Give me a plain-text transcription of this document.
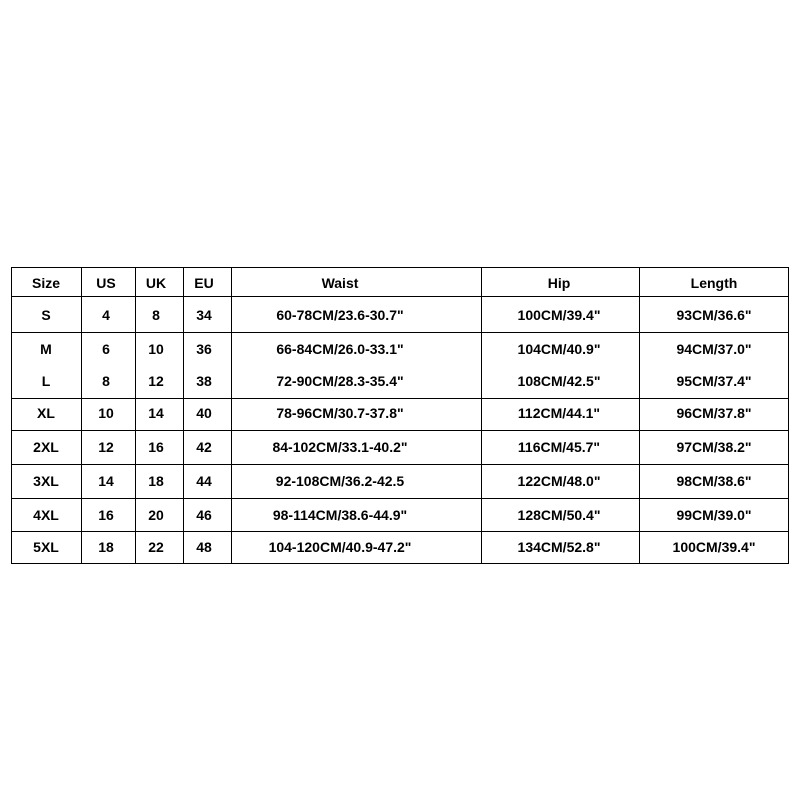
Size	US	UK	EU	Waist	Hip	Length
S	4	8	34	60-78CM/23.6-30.7"	100CM/39.4"	93CM/36.6"
M	6	10	36	66-84CM/26.0-33.1"	104CM/40.9"	94CM/37.0"
L	8	12	38	72-90CM/28.3-35.4"	108CM/42.5"	95CM/37.4"
XL	10	14	40	78-96CM/30.7-37.8"	112CM/44.1"	96CM/37.8"
2XL	12	16	42	84-102CM/33.1-40.2"	116CM/45.7"	97CM/38.2"
3XL	14	18	44	92-108CM/36.2-42.5	122CM/48.0"	98CM/38.6"
4XL	16	20	46	98-114CM/38.6-44.9"	128CM/50.4"	99CM/39.0"
5XL	18	22	48	104-120CM/40.9-47.2"	134CM/52.8"	100CM/39.4"
